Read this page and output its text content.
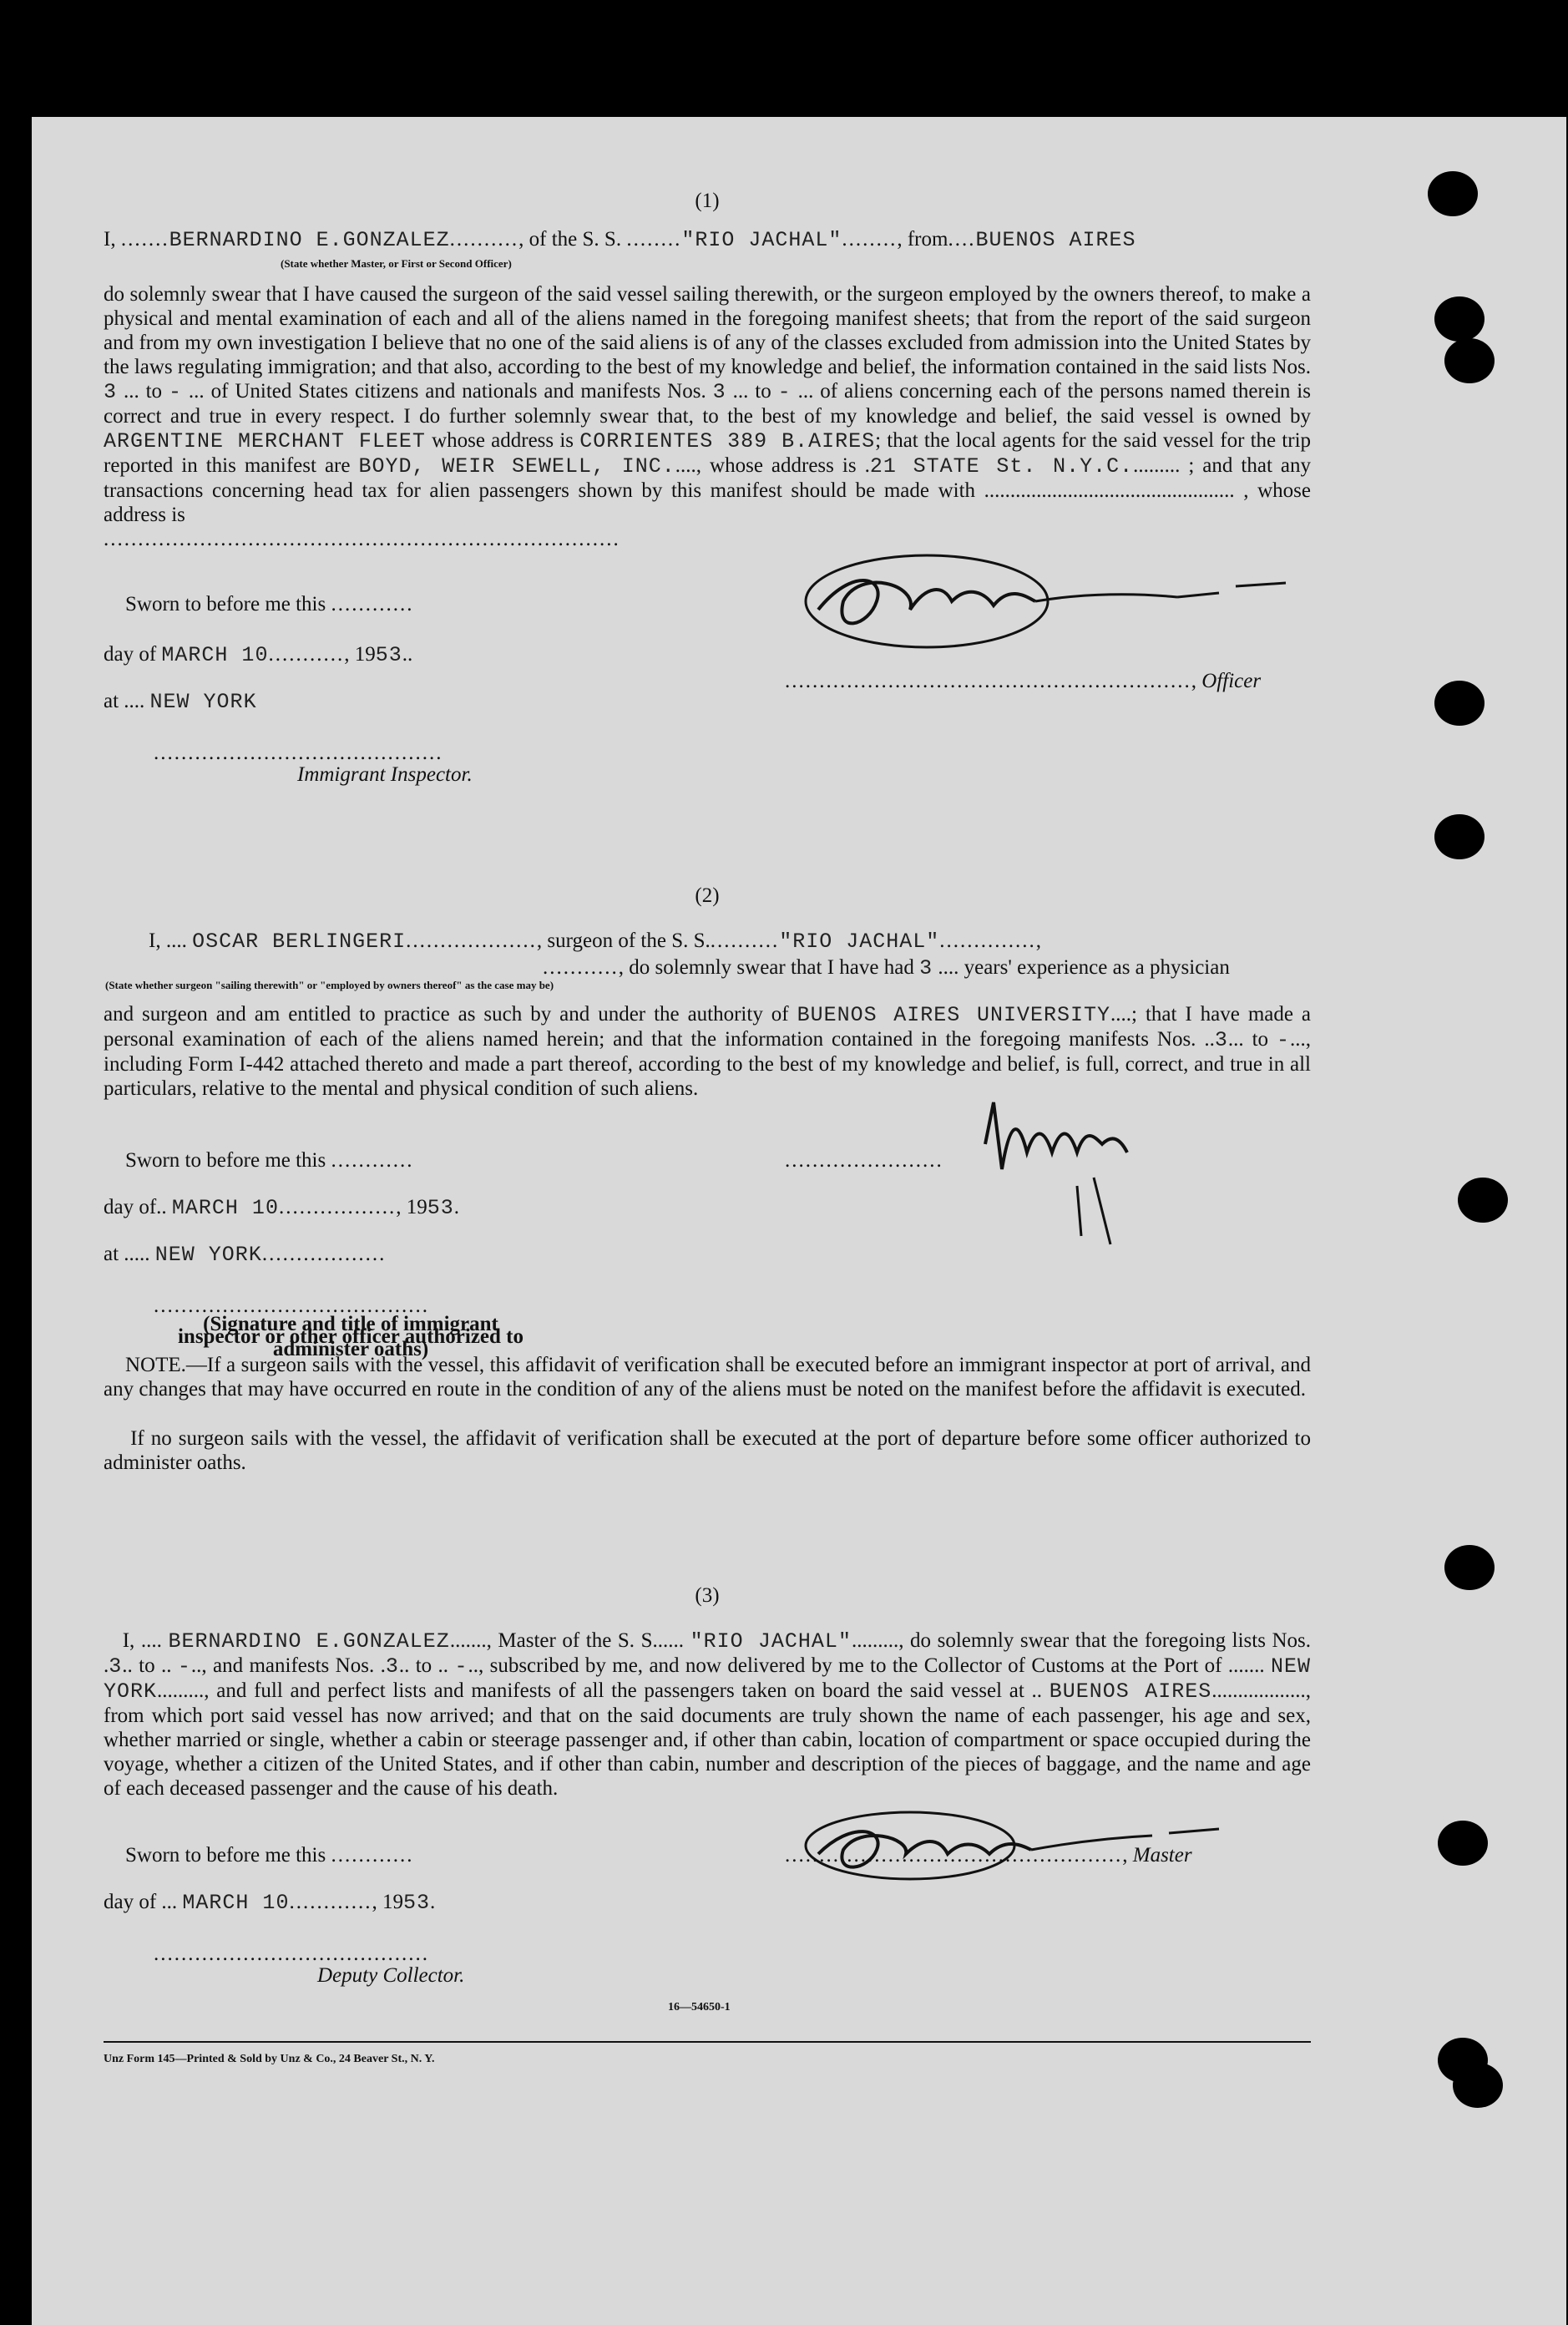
(1)
I, .......BERNARDINO E.GONZALEZ.........., of the S. S. ........"RIO JACHAL"........, from....BUENOS AIRES
(State whether Master, or First or Second Officer)
do solemnly swear that I have caused the surgeon of the said vessel sailing therewith, or the surgeon employed by the owners thereof, to make a physical and mental examination of each and all of the aliens named in the foregoing manifest sheets; that from the report of the said surgeon and from my own investigation I believe that no one of the said aliens is of any of the classes excluded from admission into the United States by the laws regulating immigration; and that also, according to the best of my knowledge and belief, the information contained in the said lists Nos. 3 ... to - ... of United States citizens and nationals and manifests Nos. 3 ... to - ... of aliens concerning each of the persons named therein is correct and true in every respect. I do further solemnly swear that, to the best of my knowledge and belief, the said vessel is owned by ARGENTINE MERCHANT FLEET whose address is CORRIENTES 389 B.AIRES; that the local agents for the said vessel for the trip reported in this manifest are BOYD, WEIR SEWELL, INC....., whose address is .21 STATE St. N.Y.C.......... ; and that any transactions concerning head tax for alien passengers shown by this manifest should be made with ................................................ , whose address is
...........................................................................
Sworn to before me this ............
day of MARCH 10..........., 1953..
at .... NEW YORK
..........................................
Immigrant Inspector.
..........................................................., Officer
(2)
I, .... OSCAR BERLINGERI..................., surgeon of the S. S..........."RIO JACHAL"..............,
..........., do solemnly swear that I have had 3 .... years' experience as a physician
(State whether surgeon "sailing therewith" or "employed by owners thereof" as the case may be)
and surgeon and am entitled to practice as such by and under the authority of BUENOS AIRES UNIVERSITY....; that I have made a personal examination of each of the aliens named herein; and that the information contained in the foregoing manifests Nos. ..3... to -..., including Form I-442 attached thereto and made a part thereof, according to the best of my knowledge and belief, is full, correct, and true in all particulars, relative to the mental and physical condition of such aliens.
Sworn to before me this ............	.......................
day of.. MARCH 10................., 1953.
at ..... NEW YORK..................
........................................
(Signature and title of immigrant inspector or other officer authorized to administer oaths)
NOTE.—If a surgeon sails with the vessel, this affidavit of verification shall be executed before an immigrant inspector at port of arrival, and any changes that may have occurred en route in the condition of any of the aliens must be noted on the manifest before the affidavit is executed.
If no surgeon sails with the vessel, the affidavit of verification shall be executed at the port of departure before some officer authorized to administer oaths.
(3)
I, .... BERNARDINO E.GONZALEZ......., Master of the S. S...... "RIO JACHAL"........., do solemnly swear that the foregoing lists Nos. .3.. to .. -.., and manifests Nos. .3.. to .. -.., subscribed by me, and now delivered by me to the Collector of Customs at the Port of ....... NEW YORK........., and full and perfect lists and manifests of all the passengers taken on board the said vessel at .. BUENOS AIRES.................., from which port said vessel has now arrived; and that on the said documents are truly shown the name of each passenger, his age and sex, whether married or single, whether a cabin or steerage passenger and, if other than cabin, location of compartment or space occupied during the voyage, whether a citizen of the United States, and if other than cabin, number and description of the pieces of baggage, and the name and age of each deceased passenger and the cause of his death.
Sworn to before me this ............	................................................., Master
day of ... MARCH 10............, 1953.
........................................
Deputy Collector.
16—54650-1
Unz Form 145—Printed & Sold by Unz & Co., 24 Beaver St., N. Y.
